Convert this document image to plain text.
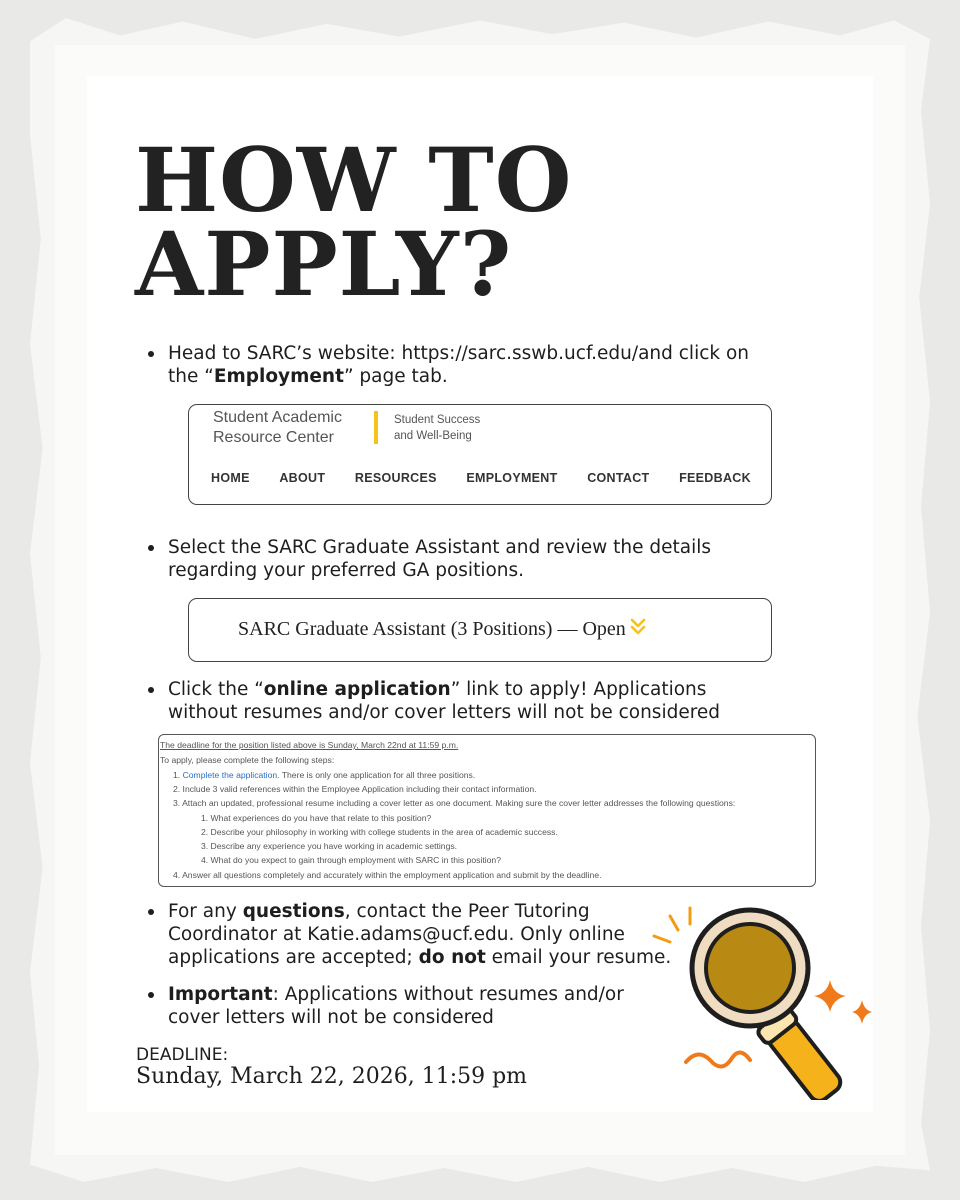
HOW TO
APPLY?
Head to SARC’s website: https://sarc.sswb.ucf.edu/and click on the “Employment” page tab.
Student Academic
Resource Center
Student Success
and Well-Being
HOME ABOUT RESOURCES EMPLOYMENT CONTACT FEEDBACK
Select the SARC Graduate Assistant and review the details regarding your preferred GA positions.
SARC Graduate Assistant (3 Positions) — Open
Click the “online application” link to apply! Applications without resumes and/or cover letters will not be considered
The deadline for the position listed above is Sunday, March 22nd at 11:59 p.m.
To apply, please complete the following steps:
1. Complete the application. There is only one application for all three positions.
2. Include 3 valid references within the Employee Application including their contact information.
3. Attach an updated, professional resume including a cover letter as one document. Making sure the cover letter addresses the following questions:
1. What experiences do you have that relate to this position?
2. Describe your philosophy in working with college students in the area of academic success.
3. Describe any experience you have working in academic settings.
4. What do you expect to gain through employment with SARC in this position?
4. Answer all questions completely and accurately within the employment application and submit by the deadline.
For any questions, contact the Peer Tutoring Coordinator at Katie.adams@ucf.edu. Only online applications are accepted; do not email your resume.
Important: Applications without resumes and/or cover letters will not be considered
DEADLINE:
Sunday, March 22, 2026, 11:59 pm
